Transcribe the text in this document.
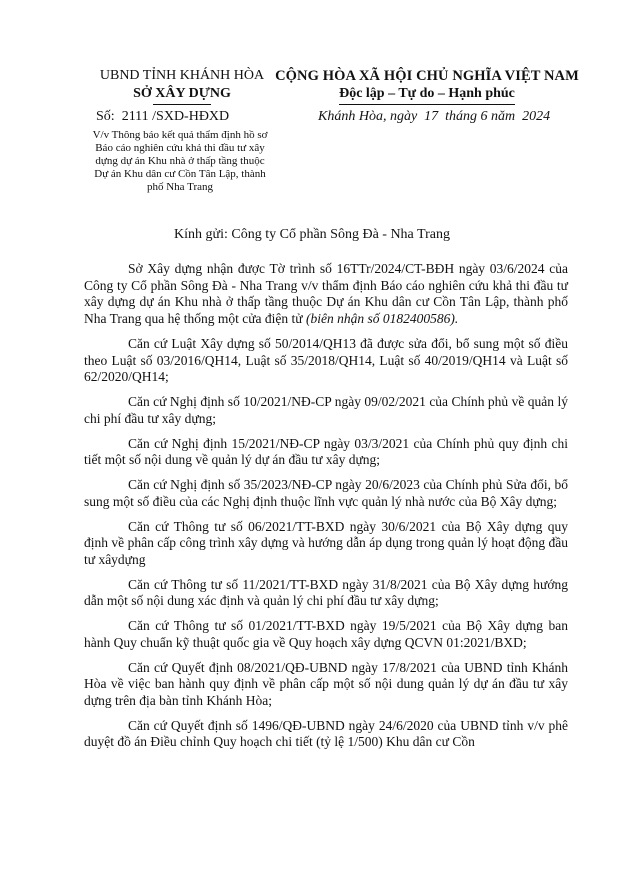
UBND TỈNH KHÁNH HÒA
SỞ XÂY DỰNG
CỘNG HÒA XÃ HỘI CHỦ NGHĨA VIỆT NAM
Độc lập – Tự do – Hạnh phúc
Số: 2111 /SXD-HĐXD	Khánh Hòa, ngày  17  tháng 6 năm  2024
V/v Thông báo kết quả thẩm định hồ sơ Báo cáo nghiên cứu khả thi đầu tư xây dựng dự án Khu nhà ở thấp tầng thuộc Dự án Khu dân cư Cồn Tân Lập, thành phố Nha Trang
Kính gửi: Công ty Cổ phần Sông Đà - Nha Trang

Sở Xây dựng nhận được Tờ trình số 16TTr/2024/CT-BĐH ngày 03/6/2024 của Công ty Cổ phần Sông Đà - Nha Trang v/v thẩm định Báo cáo nghiên cứu khả thi đầu tư xây dựng dự án Khu nhà ở thấp tầng thuộc Dự án Khu dân cư Cồn Tân Lập, thành phố Nha Trang qua hệ thống một cửa điện tử (biên nhận số 0182400586).

Căn cứ Luật Xây dựng số 50/2014/QH13 đã được sửa đổi, bổ sung một số điều theo Luật số 03/2016/QH14, Luật số 35/2018/QH14, Luật số 40/2019/QH14 và Luật số 62/2020/QH14;

Căn cứ Nghị định số 10/2021/NĐ-CP ngày 09/02/2021 của Chính phủ về quản lý chi phí đầu tư xây dựng;

Căn cứ Nghị định 15/2021/NĐ-CP ngày 03/3/2021 của Chính phủ quy định chi tiết một số nội dung về quản lý dự án đầu tư xây dựng;

Căn cứ Nghị định số 35/2023/NĐ-CP ngày 20/6/2023 của Chính phủ Sửa đổi, bổ sung một số điều của các Nghị định thuộc lĩnh vực quản lý nhà nước của Bộ Xây dựng;

Căn cứ Thông tư số 06/2021/TT-BXD ngày 30/6/2021 của Bộ Xây dựng quy định về phân cấp công trình xây dựng và hướng dẫn áp dụng trong quản lý hoạt động đầu tư xâydựng

Căn cứ Thông tư số 11/2021/TT-BXD ngày 31/8/2021 của Bộ Xây dựng hướng dẫn một số nội dung xác định và quản lý chi phí đầu tư xây dựng;

Căn cứ Thông tư số 01/2021/TT-BXD ngày 19/5/2021 của Bộ Xây dựng ban hành Quy chuẩn kỹ thuật quốc gia về Quy hoạch xây dựng QCVN 01:2021/BXD;

Căn cứ Quyết định 08/2021/QĐ-UBND ngày 17/8/2021 của UBND tỉnh Khánh Hòa về việc ban hành quy định về phân cấp một số nội dung quản lý dự án đầu tư xây dựng trên địa bàn tỉnh Khánh Hòa;

Căn cứ Quyết định số 1496/QĐ-UBND ngày 24/6/2020 của UBND tỉnh v/v phê duyệt đồ án Điều chỉnh Quy hoạch chi tiết (tỷ lệ 1/500) Khu dân cư Cồn
